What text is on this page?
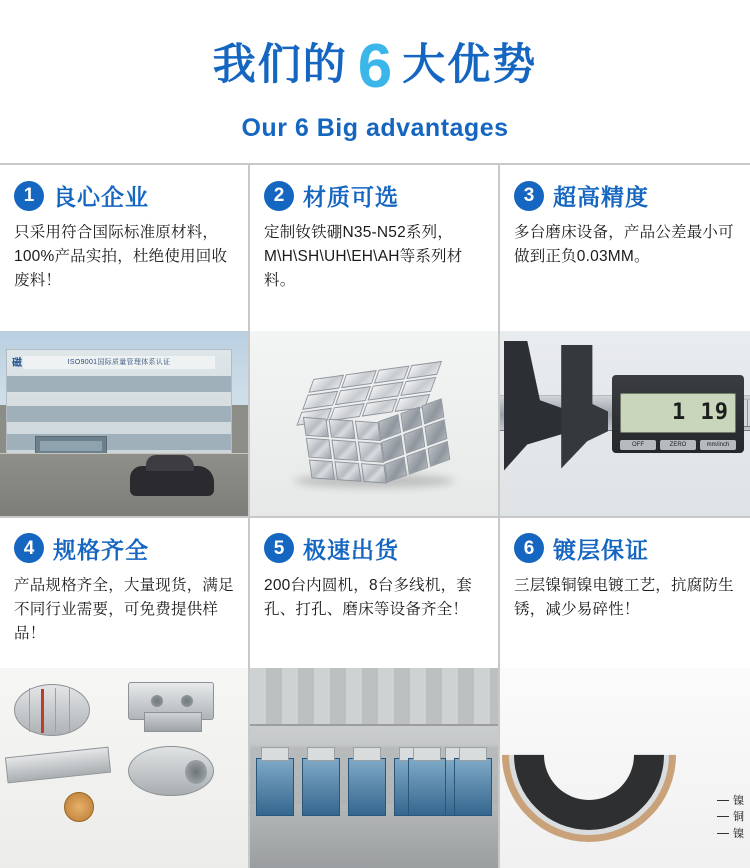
我们的 6 大优势
Our 6 Big advantages
1 良心企业
只采用符合国际标准原材料，100%产品实拍，杜绝使用回收废料！
磁	ISO9001国际质量管理体系认证
2 材质可选
定制钕铁硼N35-N52系列，M\H\SH\UH\EH\AH等系列材料。
3 超高精度
多台磨床设备，产品公差最小可做到正负0.03MM。
1 19
OFF	ZERO	mm/inch
4 规格齐全
产品规格齐全，大量现货，满足不同行业需要，可免费提供样品！
5 极速出货
200台内圆机，8台多线机，套孔、打孔、磨床等设备齐全！
6 镀层保证
三层镍铜镍电镀工艺，抗腐防生锈，减少易碎性！
镍
铜
镍
